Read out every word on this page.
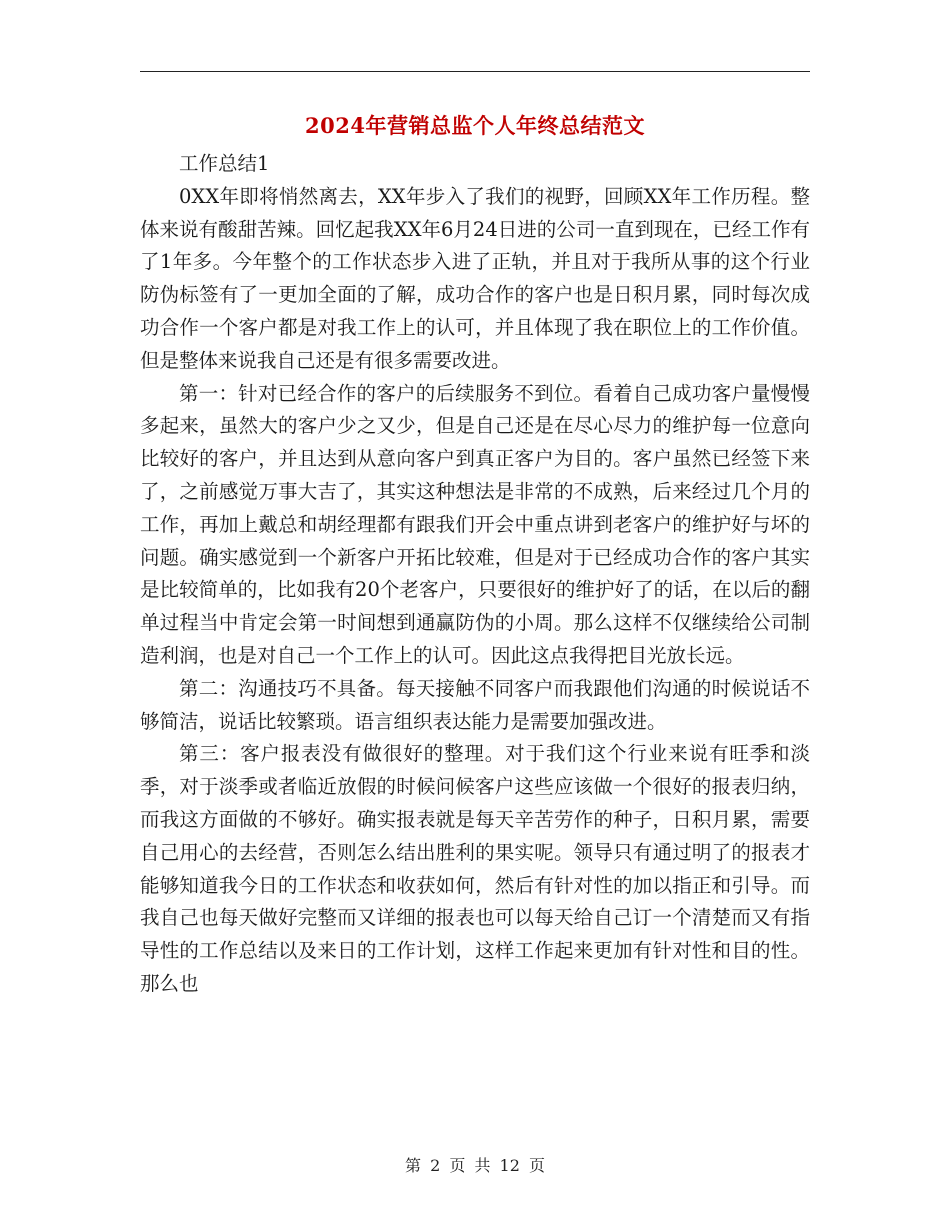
2024年营销总监个人年终总结范文

工作总结1

0XX年即将悄然离去，XX年步入了我们的视野，回顾XX年工作历程。整体来说有酸甜苦辣。回忆起我XX年6月24日进的公司一直到现在，已经工作有了1年多。今年整个的工作状态步入进了正轨，并且对于我所从事的这个行业防伪标签有了一更加全面的了解，成功合作的客户也是日积月累，同时每次成功合作一个客户都是对我工作上的认可，并且体现了我在职位上的工作价值。但是整体来说我自己还是有很多需要改进。

第一：针对已经合作的客户的后续服务不到位。看着自己成功客户量慢慢多起来，虽然大的客户少之又少，但是自己还是在尽心尽力的维护每一位意向比较好的客户，并且达到从意向客户到真正客户为目的。客户虽然已经签下来了，之前感觉万事大吉了，其实这种想法是非常的不成熟，后来经过几个月的工作，再加上戴总和胡经理都有跟我们开会中重点讲到老客户的维护好与坏的问题。确实感觉到一个新客户开拓比较难，但是对于已经成功合作的客户其实是比较简单的，比如我有20个老客户，只要很好的维护好了的话，在以后的翻单过程当中肯定会第一时间想到通赢防伪的小周。那么这样不仅继续给公司制造利润，也是对自己一个工作上的认可。因此这点我得把目光放长远。

第二：沟通技巧不具备。每天接触不同客户而我跟他们沟通的时候说话不够简洁，说话比较繁琐。语言组织表达能力是需要加强改进。

第三：客户报表没有做很好的整理。对于我们这个行业来说有旺季和淡季，对于淡季或者临近放假的时候问候客户这些应该做一个很好的报表归纳，而我这方面做的不够好。确实报表就是每天辛苦劳作的种子，日积月累，需要自己用心的去经营，否则怎么结出胜利的果实呢。领导只有通过明了的报表才能够知道我今日的工作状态和收获如何，然后有针对性的加以指正和引导。而我自己也每天做好完整而又详细的报表也可以每天给自己订一个清楚而又有指导性的工作总结以及来日的工作计划，这样工作起来更加有针对性和目的性。那么也

第 2 页 共 12 页
